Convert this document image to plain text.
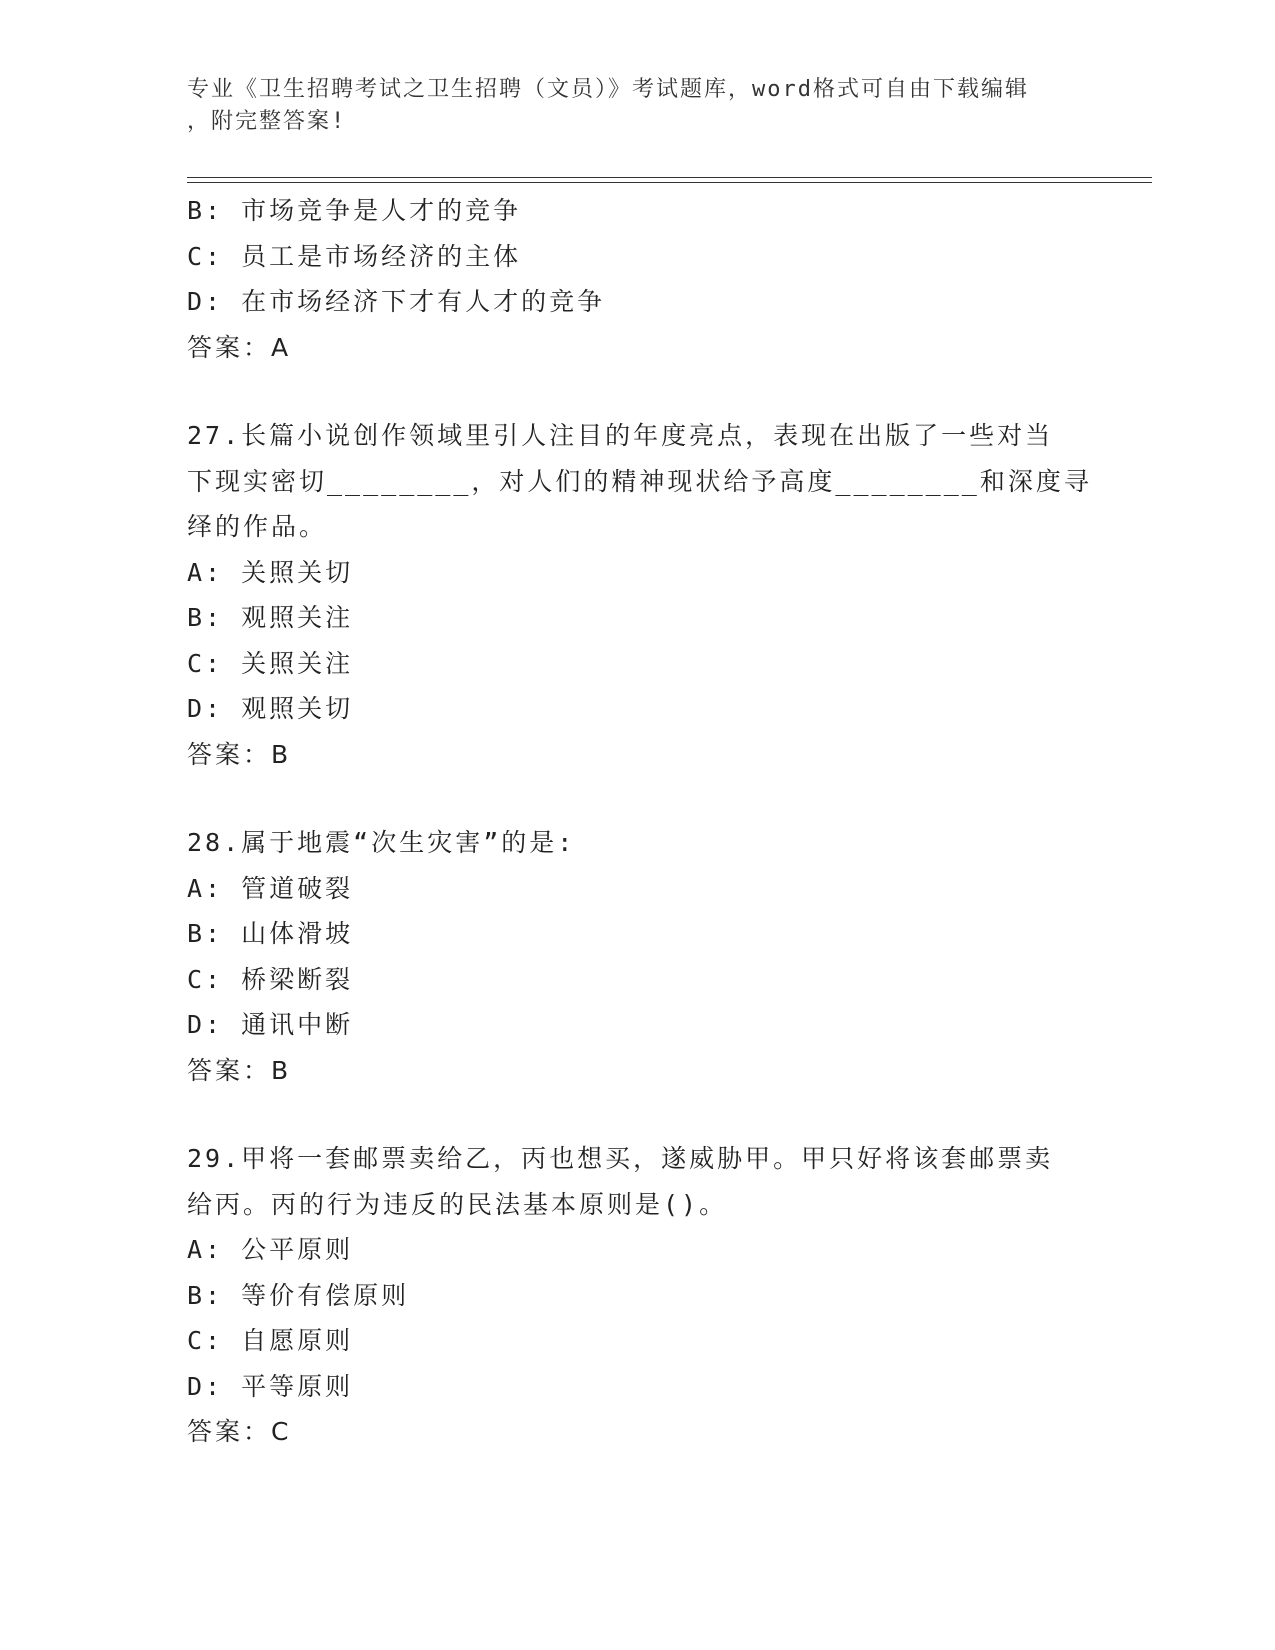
专业《卫生招聘考试之卫生招聘（文员）》考试题库，word格式可自由下载编辑
，附完整答案!
B: 市场竞争是人才的竞争
C: 员工是市场经济的主体
D: 在市场经济下才有人才的竞争
答案：A
27.长篇小说创作领域里引人注目的年度亮点，表现在出版了一些对当
下现实密切________，对人们的精神现状给予高度________和深度寻
绎的作品。
A: 关照关切
B: 观照关注
C: 关照关注
D: 观照关切
答案：B
28.属于地震“次生灾害”的是:
A: 管道破裂
B: 山体滑坡
C: 桥梁断裂
D: 通讯中断
答案：B
29.甲将一套邮票卖给乙，丙也想买，遂威胁甲。甲只好将该套邮票卖
给丙。丙的行为违反的民法基本原则是()。
A: 公平原则
B: 等价有偿原则
C: 自愿原则
D: 平等原则
答案：C
